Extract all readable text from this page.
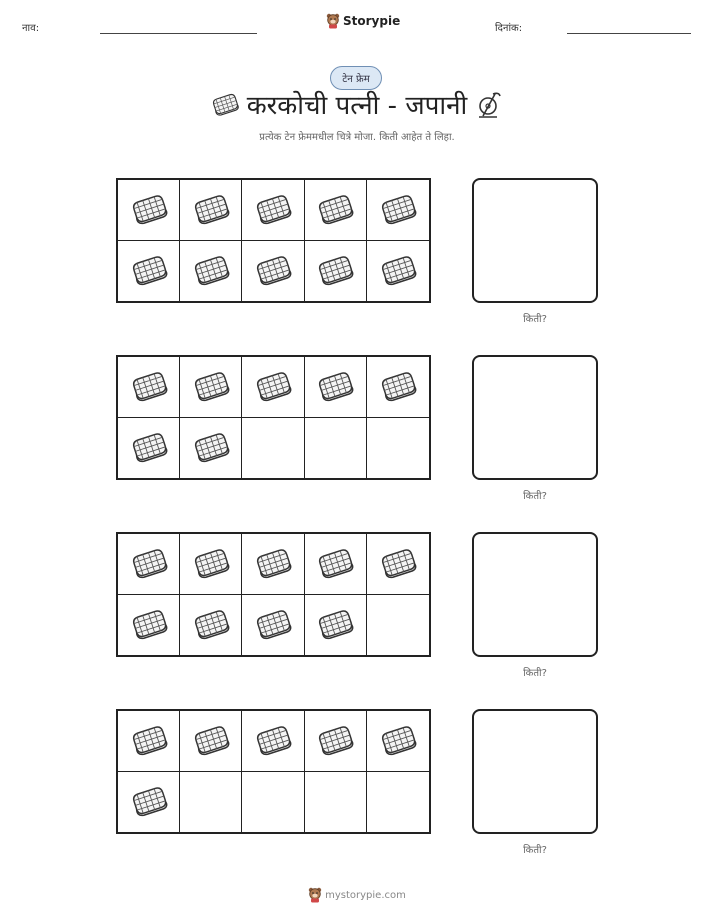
नाव:
Storypie
दिनांक:
टेन फ्रेम
करकोची पत्नी - जपानी
प्रत्येक टेन फ्रेममधील चित्रे मोजा. किती आहेत ते लिहा.
किती?
किती?
किती?
किती?
mystorypie.com
